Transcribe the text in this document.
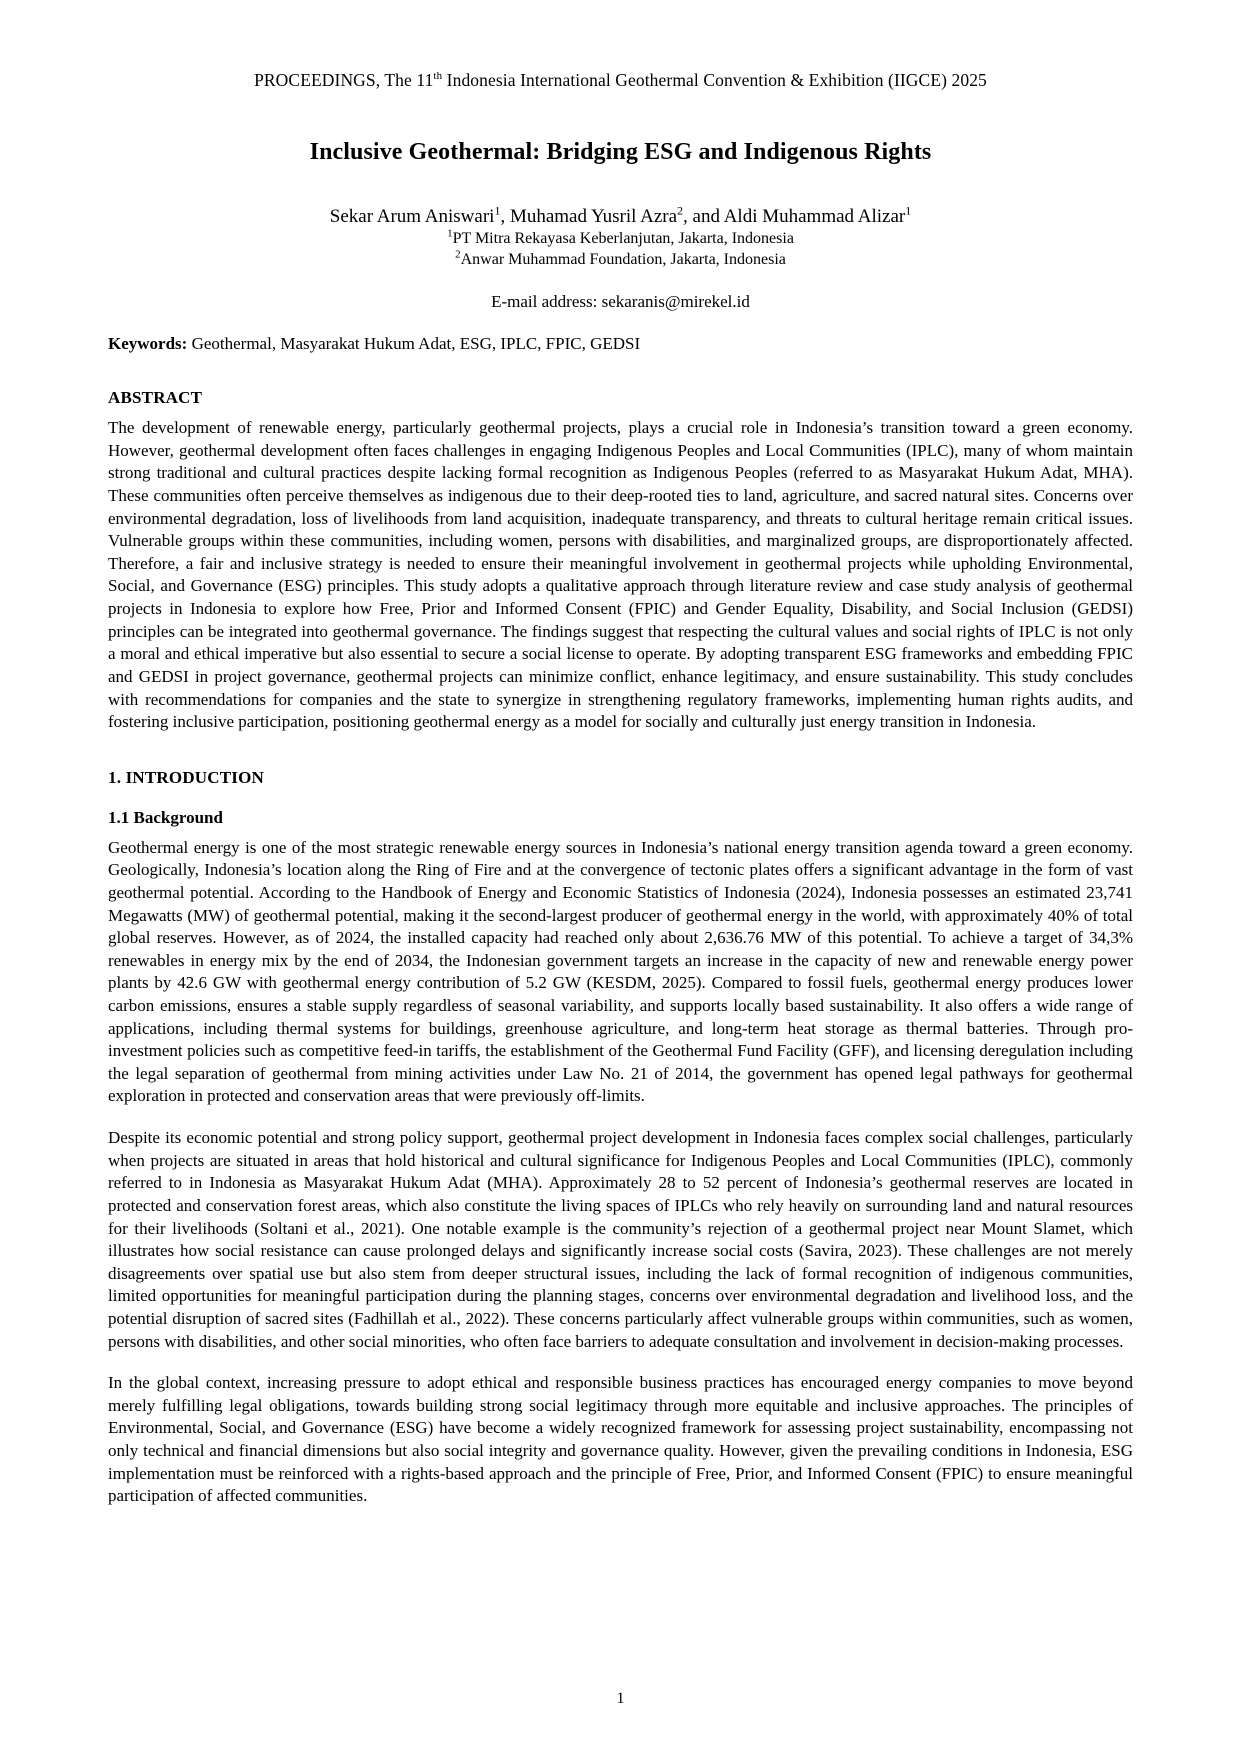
PROCEEDINGS, The 11th Indonesia International Geothermal Convention & Exhibition (IIGCE) 2025
Inclusive Geothermal: Bridging ESG and Indigenous Rights
Sekar Arum Aniswari$^1$, Muhamad Yusril Azra$^2$, and Aldi Muhammad Alizar$^1$
$^1$PT Mitra Rekayasa Keberlanjutan, Jakarta, Indonesia
$^2$Anwar Muhammad Foundation, Jakarta, Indonesia
E-mail address: sekaranis@mirekel.id
Keywords: Geothermal, Masyarakat Hukum Adat, ESG, IPLC, FPIC, GEDSI
ABSTRACT

The development of renewable energy, particularly geothermal projects, plays a crucial role in Indonesia’s transition toward a green economy. However, geothermal development often faces challenges in engaging Indigenous Peoples and Local Communities (IPLC), many of whom maintain strong traditional and cultural practices despite lacking formal recognition as Indigenous Peoples (referred to as Masyarakat Hukum Adat, MHA). These communities often perceive themselves as indigenous due to their deep-rooted ties to land, agriculture, and sacred natural sites. Concerns over environmental degradation, loss of livelihoods from land acquisition, inadequate transparency, and threats to cultural heritage remain critical issues. Vulnerable groups within these communities, including women, persons with disabilities, and marginalized groups, are disproportionately affected. Therefore, a fair and inclusive strategy is needed to ensure their meaningful involvement in geothermal projects while upholding Environmental, Social, and Governance (ESG) principles. This study adopts a qualitative approach through literature review and case study analysis of geothermal projects in Indonesia to explore how Free, Prior and Informed Consent (FPIC) and Gender Equality, Disability, and Social Inclusion (GEDSI) principles can be integrated into geothermal governance. The findings suggest that respecting the cultural values and social rights of IPLC is not only a moral and ethical imperative but also essential to secure a social license to operate. By adopting transparent ESG frameworks and embedding FPIC and GEDSI in project governance, geothermal projects can minimize conflict, enhance legitimacy, and ensure sustainability. This study concludes with recommendations for companies and the state to synergize in strengthening regulatory frameworks, implementing human rights audits, and fostering inclusive participation, positioning geothermal energy as a model for socially and culturally just energy transition in Indonesia.

1. INTRODUCTION
1.1 Background

Geothermal energy is one of the most strategic renewable energy sources in Indonesia’s national energy transition agenda toward a green economy. Geologically, Indonesia’s location along the Ring of Fire and at the convergence of tectonic plates offers a significant advantage in the form of vast geothermal potential. According to the Handbook of Energy and Economic Statistics of Indonesia (2024), Indonesia possesses an estimated 23,741 Megawatts (MW) of geothermal potential, making it the second-largest producer of geothermal energy in the world, with approximately 40% of total global reserves. However, as of 2024, the installed capacity had reached only about 2,636.76 MW of this potential. To achieve a target of 34,3% renewables in energy mix by the end of 2034, the Indonesian government targets an increase in the capacity of new and renewable energy power plants by 42.6 GW with geothermal energy contribution of 5.2 GW (KESDM, 2025). Compared to fossil fuels, geothermal energy produces lower carbon emissions, ensures a stable supply regardless of seasonal variability, and supports locally based sustainability. It also offers a wide range of applications, including thermal systems for buildings, greenhouse agriculture, and long-term heat storage as thermal batteries. Through pro-investment policies such as competitive feed-in tariffs, the establishment of the Geothermal Fund Facility (GFF), and licensing deregulation including the legal separation of geothermal from mining activities under Law No. 21 of 2014, the government has opened legal pathways for geothermal exploration in protected and conservation areas that were previously off-limits.

Despite its economic potential and strong policy support, geothermal project development in Indonesia faces complex social challenges, particularly when projects are situated in areas that hold historical and cultural significance for Indigenous Peoples and Local Communities (IPLC), commonly referred to in Indonesia as Masyarakat Hukum Adat (MHA). Approximately 28 to 52 percent of Indonesia’s geothermal reserves are located in protected and conservation forest areas, which also constitute the living spaces of IPLCs who rely heavily on surrounding land and natural resources for their livelihoods (Soltani et al., 2021). One notable example is the community’s rejection of a geothermal project near Mount Slamet, which illustrates how social resistance can cause prolonged delays and significantly increase social costs (Savira, 2023). These challenges are not merely disagreements over spatial use but also stem from deeper structural issues, including the lack of formal recognition of indigenous communities, limited opportunities for meaningful participation during the planning stages, concerns over environmental degradation and livelihood loss, and the potential disruption of sacred sites (Fadhillah et al., 2022). These concerns particularly affect vulnerable groups within communities, such as women, persons with disabilities, and other social minorities, who often face barriers to adequate consultation and involvement in decision-making processes.

In the global context, increasing pressure to adopt ethical and responsible business practices has encouraged energy companies to move beyond merely fulfilling legal obligations, towards building strong social legitimacy through more equitable and inclusive approaches. The principles of Environmental, Social, and Governance (ESG) have become a widely recognized framework for assessing project sustainability, encompassing not only technical and financial dimensions but also social integrity and governance quality. However, given the prevailing conditions in Indonesia, ESG implementation must be reinforced with a rights-based approach and the principle of Free, Prior, and Informed Consent (FPIC) to ensure meaningful participation of affected communities.

1
